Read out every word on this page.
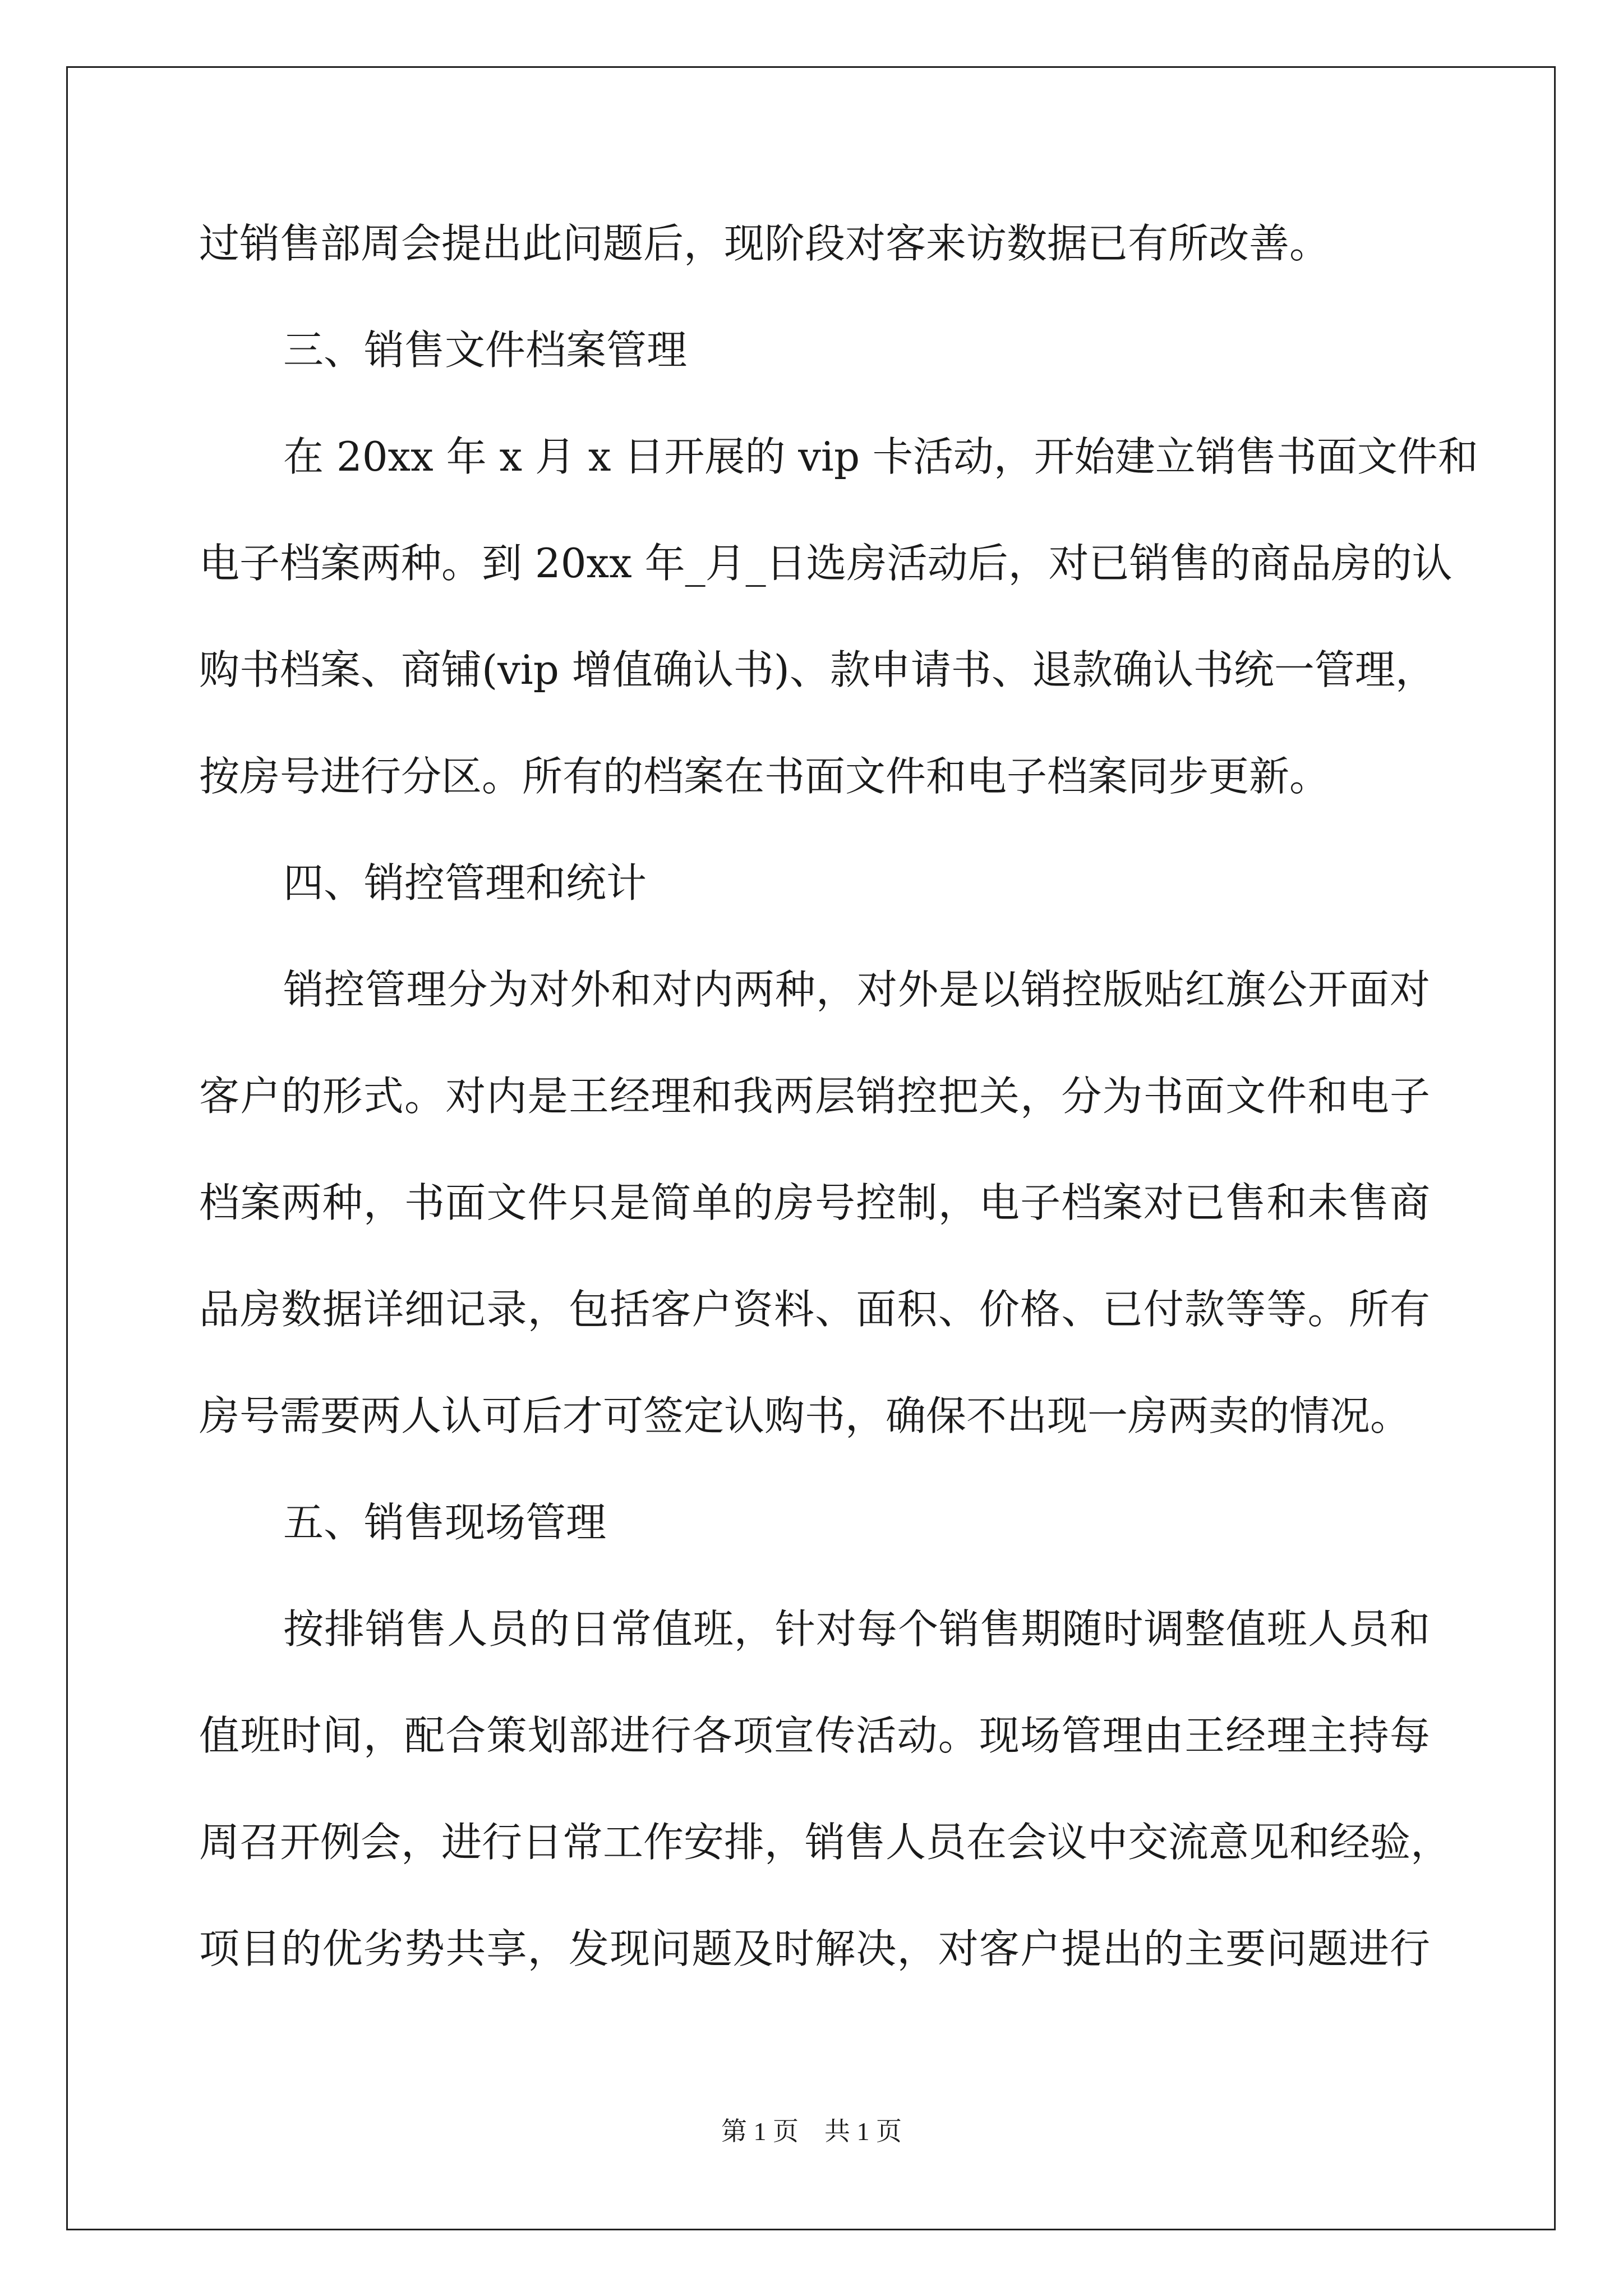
过销售部周会提出此问题后，现阶段对客来访数据已有所改善。
三、销售文件档案管理
在 20xx 年 x 月 x 日开展的 vip 卡活动，开始建立销售书面文件和
电子档案两种。到 20xx 年_月_日选房活动后，对已销售的商品房的认
购书档案、商铺(vip 增值确认书)、款申请书、退款确认书统一管理，
按房号进行分区。所有的档案在书面文件和电子档案同步更新。
四、销控管理和统计
销控管理分为对外和对内两种，对外是以销控版贴红旗公开面对
客户的形式。对内是王经理和我两层销控把关，分为书面文件和电子
档案两种，书面文件只是简单的房号控制，电子档案对已售和未售商
品房数据详细记录，包括客户资料、面积、价格、已付款等等。所有
房号需要两人认可后才可签定认购书，确保不出现一房两卖的情况。
五、销售现场管理
按排销售人员的日常值班，针对每个销售期随时调整值班人员和
值班时间，配合策划部进行各项宣传活动。现场管理由王经理主持每
周召开例会，进行日常工作安排，销售人员在会议中交流意见和经验，
项目的优劣势共享，发现问题及时解决，对客户提出的主要问题进行
第 1 页　共 1 页
